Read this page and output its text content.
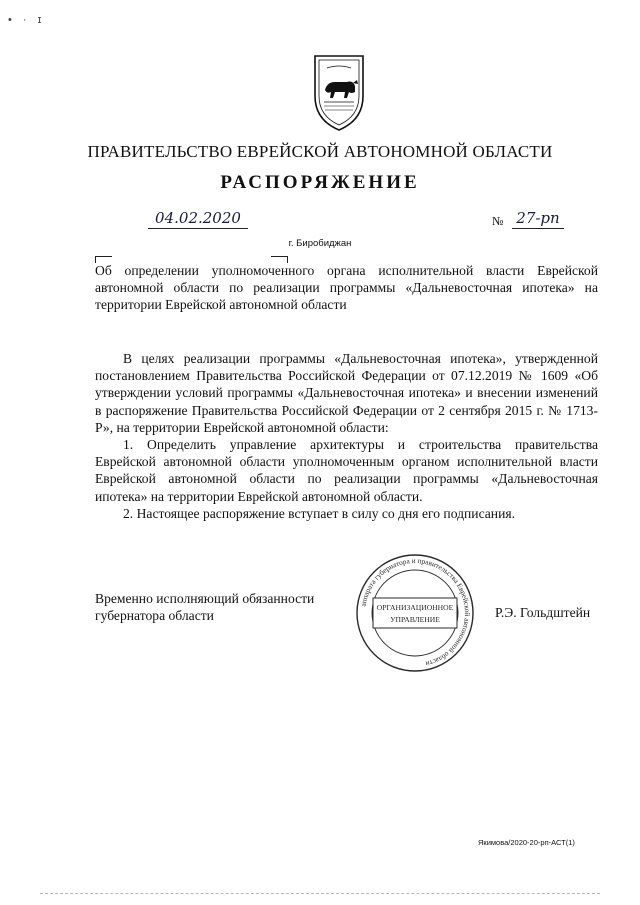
• · ɪ
ПРАВИТЕЛЬСТВО ЕВРЕЙСКОЙ АВТОНОМНОЙ ОБЛАСТИ
РАСПОРЯЖЕНИЕ
04.02.2020	№ 27-рп
г. Биробиджан
Об определении уполномоченного органа исполнительной власти Еврейской автономной области по реализации программы «Дальневосточная ипотека» на территории Еврейской автономной области

В целях реализации программы «Дальневосточная ипотека», утвержденной постановлением Правительства Российской Федерации от 07.12.2019 № 1609 «Об утверждении условий программы «Дальневосточная ипотека» и внесении изменений в распоряжение Правительства Российской Федерации от 2 сентября 2015 г. № 1713-Р», на территории Еврейской автономной области:

1. Определить управление архитектуры и строительства правительства Еврейской автономной области уполномоченным органом исполнительной власти Еврейской автономной области по реализации программы «Дальневосточная ипотека» на территории Еврейской автономной области.

2. Настоящее распоряжение вступает в силу со дня его подписания.

Временно исполняющий обязанности губернатора области
аппарата губернатора и правительства Еврейской автономной области
ОРГАНИЗАЦИОННОЕ
УПРАВЛЕНИЕ	Р.Э. Гольдштейн
Якимова/2020-20-рп-АСТ(1)
